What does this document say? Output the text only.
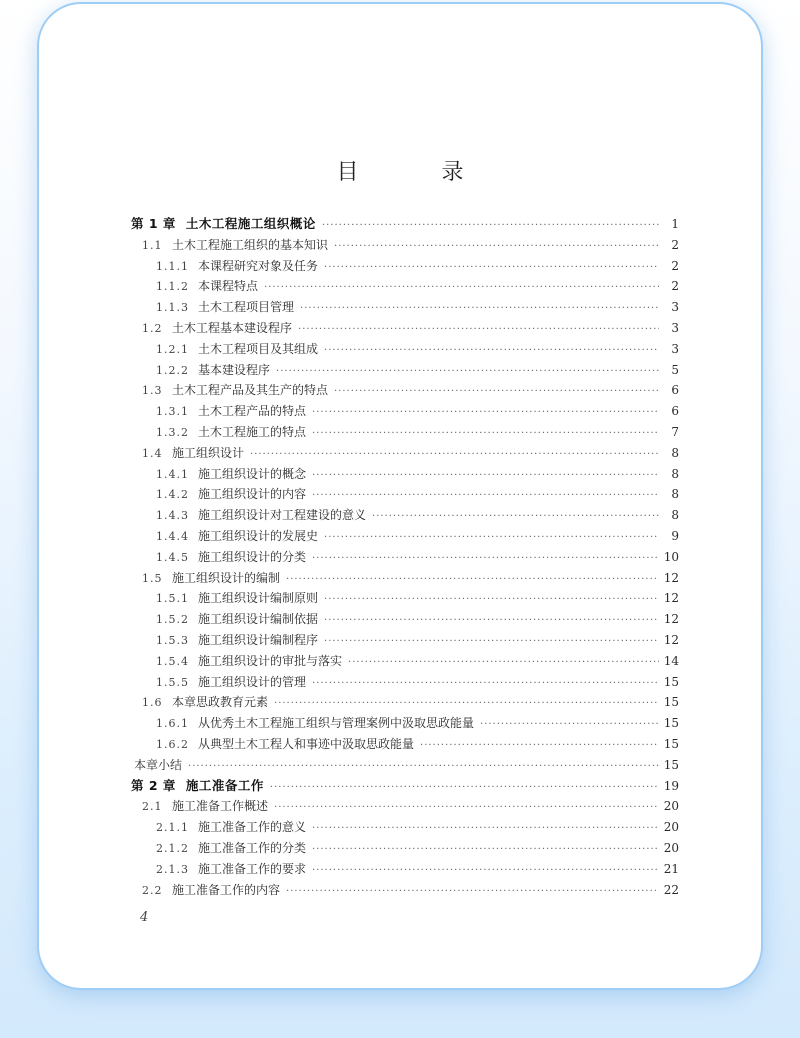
目 录
第 1 章 土木工程施工组织概论 ·····	1
1.1 土木工程施工组织的基本知识 ·····	2
1.1.1 本课程研究对象及任务 ·····	2
1.1.2 本课程特点 ·····	2
1.1.3 土木工程项目管理 ·····	3
1.2 土木工程基本建设程序 ·····	3
1.2.1 土木工程项目及其组成 ·····	3
1.2.2 基本建设程序 ·····	5
1.3 土木工程产品及其生产的特点 ·····	6
1.3.1 土木工程产品的特点 ·····	6
1.3.2 土木工程施工的特点 ·····	7
1.4 施工组织设计 ·····	8
1.4.1 施工组织设计的概念 ·····	8
1.4.2 施工组织设计的内容 ·····	8
1.4.3 施工组织设计对工程建设的意义 ·····	8
1.4.4 施工组织设计的发展史 ·····	9
1.4.5 施工组织设计的分类 ·····	10
1.5 施工组织设计的编制 ·····	12
1.5.1 施工组织设计编制原则 ·····	12
1.5.2 施工组织设计编制依据 ·····	12
1.5.3 施工组织设计编制程序 ·····	12
1.5.4 施工组织设计的审批与落实 ·····	14
1.5.5 施工组织设计的管理 ·····	15
1.6 本章思政教育元素 ·····	15
1.6.1 从优秀土木工程施工组织与管理案例中汲取思政能量 ·····	15
1.6.2 从典型土木工程人和事迹中汲取思政能量 ·····	15
本章小结 ·····	15
第 2 章 施工准备工作 ·····	19
2.1 施工准备工作概述 ·····	20
2.1.1 施工准备工作的意义 ·····	20
2.1.2 施工准备工作的分类 ·····	20
2.1.3 施工准备工作的要求 ·····	21
2.2 施工准备工作的内容 ·····	22
4
